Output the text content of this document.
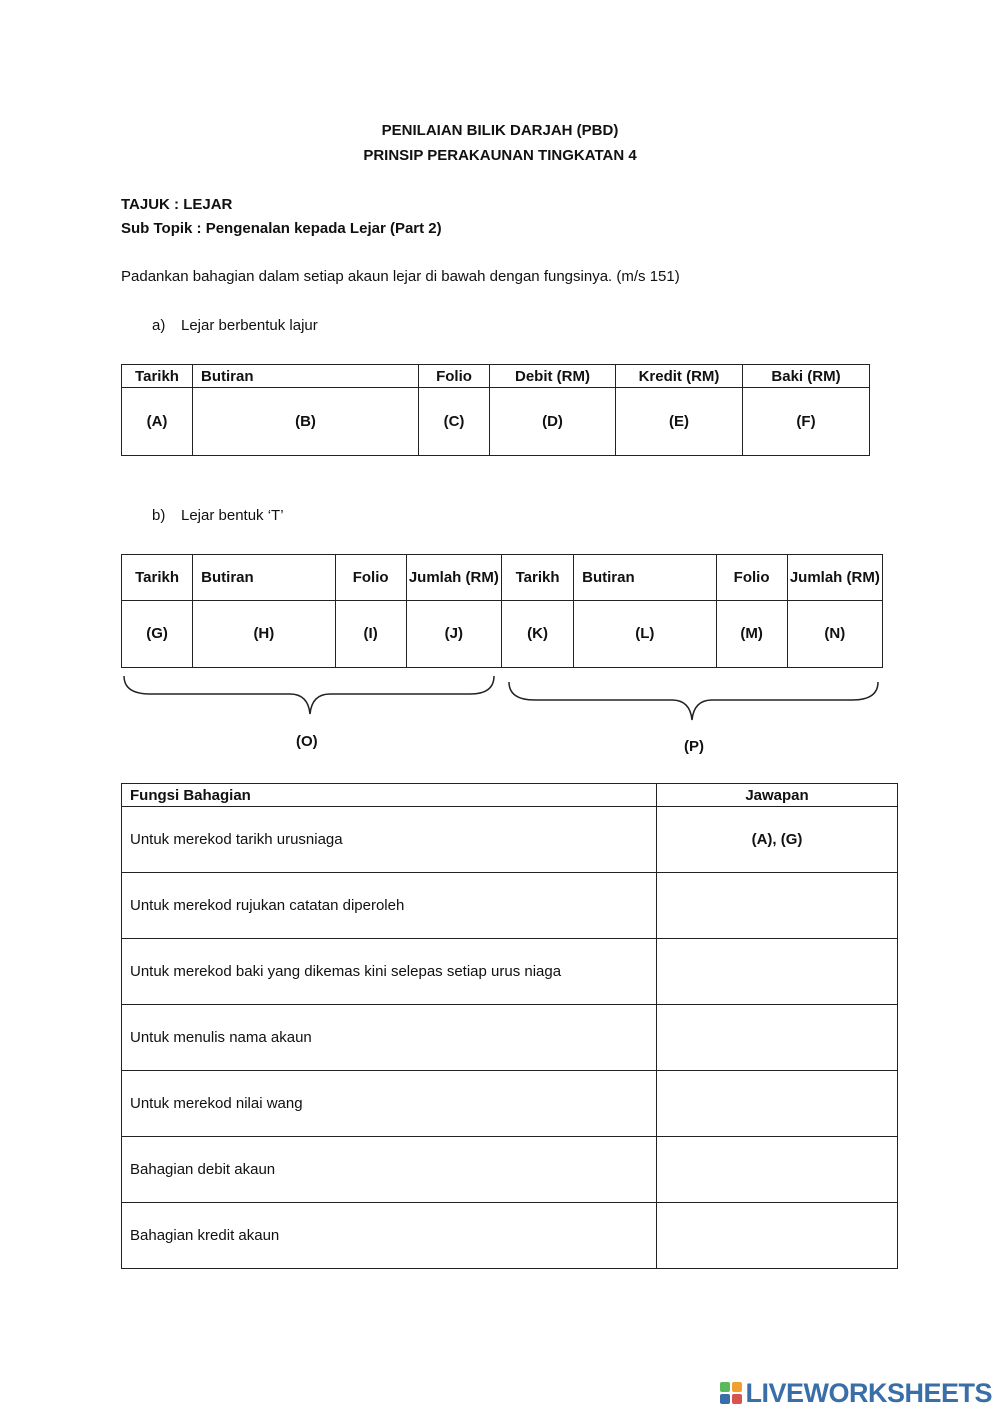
PENILAIAN BILIK DARJAH (PBD)
PRINSIP PERAKAUNAN TINGKATAN 4
TAJUK : LEJAR
Sub Topik : Pengenalan kepada Lejar (Part 2)
Padankan bahagian dalam setiap akaun lejar di bawah dengan fungsinya. (m/s 151)
a) Lejar berbentuk lajur
Tarikh	Butiran	Folio	Debit (RM)	Kredit (RM)	Baki (RM)
(A)	(B)	(C)	(D)	(E)	(F)
b) Lejar bentuk ‘T’
Tarikh	Butiran	Folio	Jumlah (RM)	Tarikh	Butiran	Folio	Jumlah (RM)
(G)	(H)	(I)	(J)	(K)	(L)	(M)	(N)
(O)	(P)
Fungsi Bahagian	Jawapan
Untuk merekod tarikh urusniaga	(A), (G)
Untuk merekod rujukan catatan diperoleh	
Untuk merekod baki yang dikemas kini selepas setiap urus niaga	
Untuk menulis nama akaun	
Untuk merekod nilai wang	
Bahagian debit akaun	
Bahagian kredit akaun	
LIVEWORKSHEETS
